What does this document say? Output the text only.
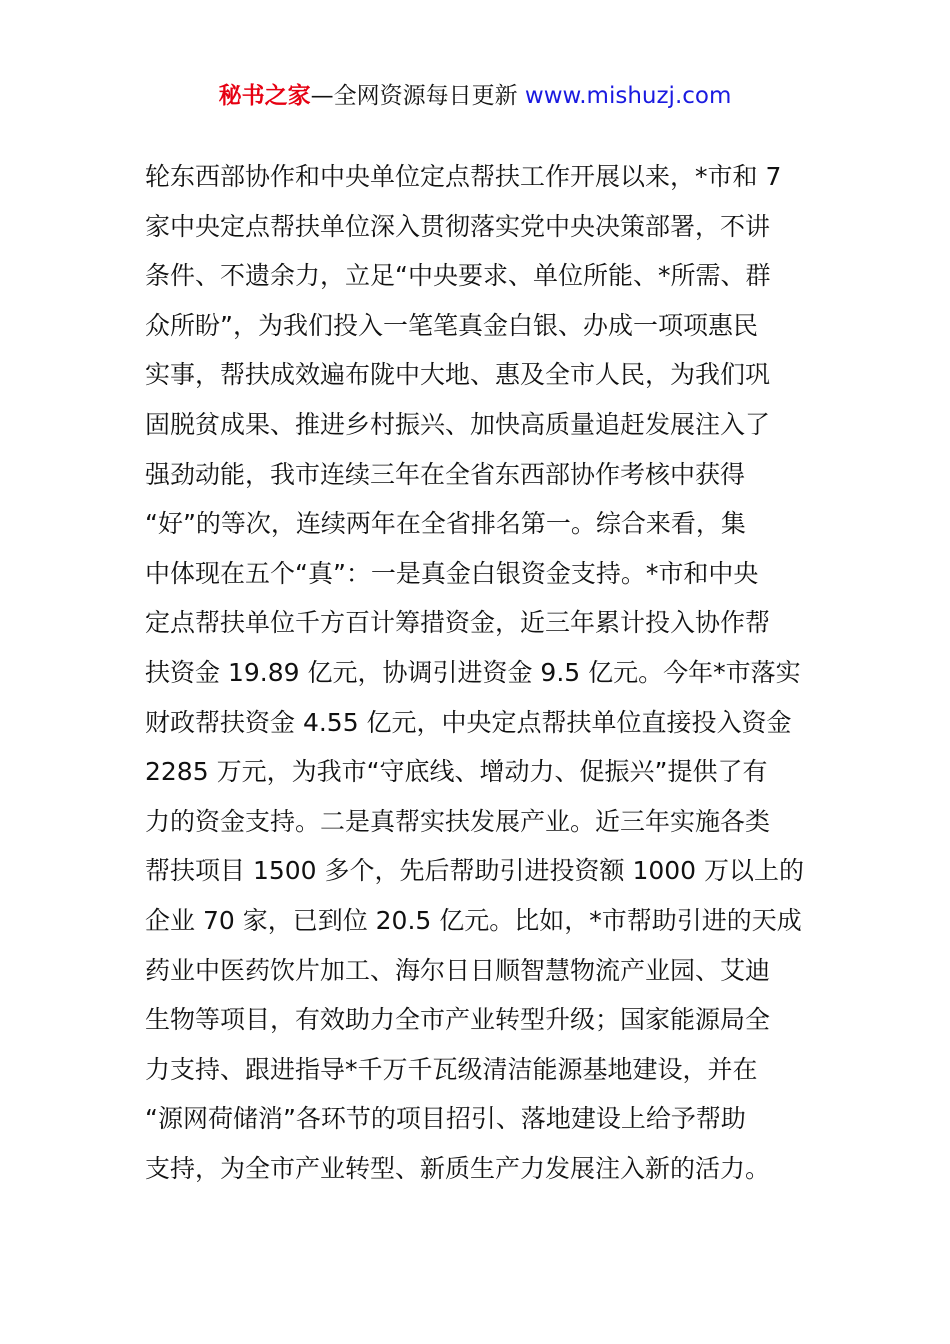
秘书之家—全网资源每日更新 www.mishuzj.com
轮东西部协作和中央单位定点帮扶工作开展以来，*市和 7
家中央定点帮扶单位深入贯彻落实党中央决策部署，不讲
条件、不遗余力，立足“中央要求、单位所能、*所需、群
众所盼”，为我们投入一笔笔真金白银、办成一项项惠民
实事，帮扶成效遍布陇中大地、惠及全市人民，为我们巩
固脱贫成果、推进乡村振兴、加快高质量追赶发展注入了
强劲动能，我市连续三年在全省东西部协作考核中获得
“好”的等次，连续两年在全省排名第一。综合来看，集
中体现在五个“真”：一是真金白银资金支持。*市和中央
定点帮扶单位千方百计筹措资金，近三年累计投入协作帮
扶资金 19.89 亿元，协调引进资金 9.5 亿元。今年*市落实
财政帮扶资金 4.55 亿元，中央定点帮扶单位直接投入资金
2285 万元，为我市“守底线、增动力、促振兴”提供了有
力的资金支持。二是真帮实扶发展产业。近三年实施各类
帮扶项目 1500 多个，先后帮助引进投资额 1000 万以上的
企业 70 家，已到位 20.5 亿元。比如，*市帮助引进的天成
药业中医药饮片加工、海尔日日顺智慧物流产业园、艾迪
生物等项目，有效助力全市产业转型升级；国家能源局全
力支持、跟进指导*千万千瓦级清洁能源基地建设，并在
“源网荷储消”各环节的项目招引、落地建设上给予帮助
支持，为全市产业转型、新质生产力发展注入新的活力。
